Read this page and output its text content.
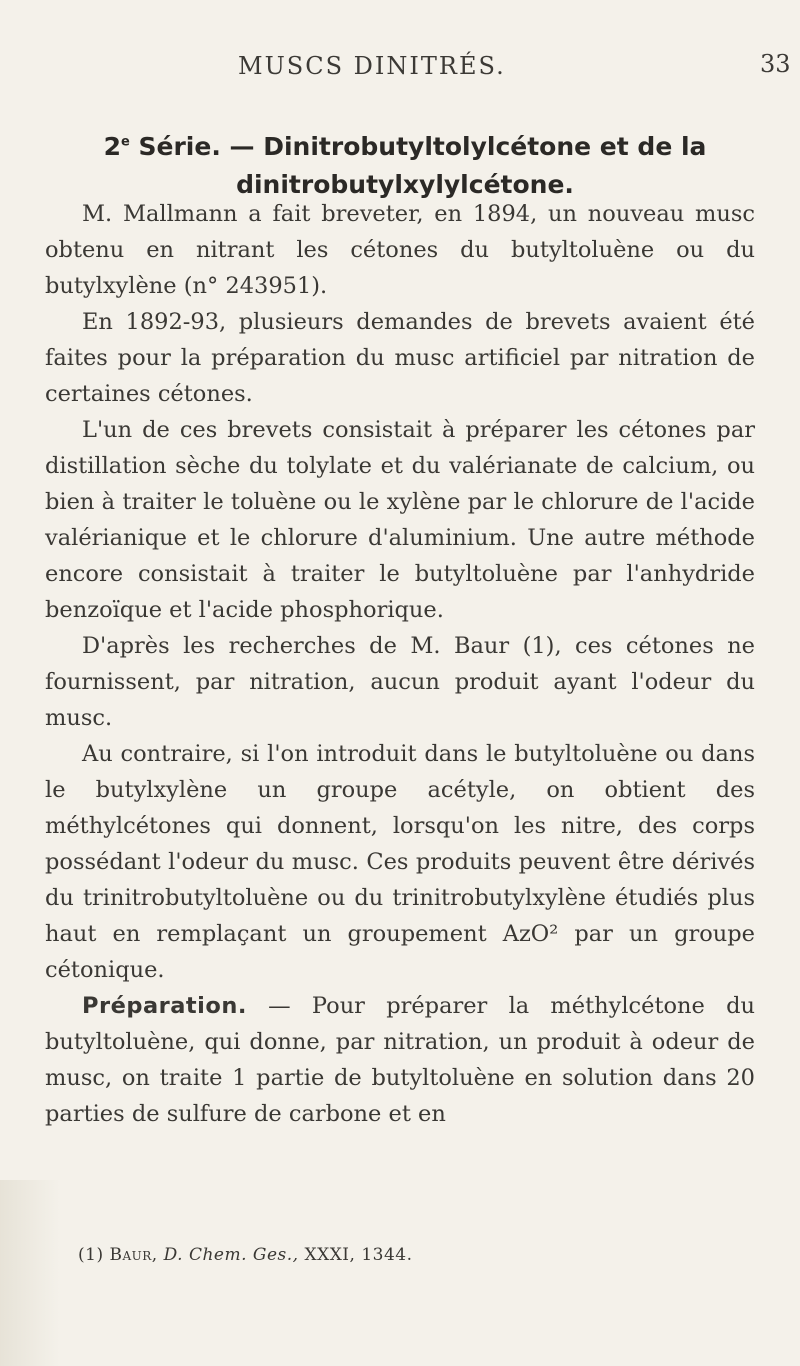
MUSCS DINITRÉS.	33
2e Série. — Dinitrobutyltolylcétone et de la
dinitrobutylxylylcétone.

M. Mallmann a fait breveter, en 1894, un nouveau musc obtenu en nitrant les cétones du butyltoluène ou du butylxylène (n° 243951).

En 1892-93, plusieurs demandes de brevets avaient été faites pour la préparation du musc artificiel par nitration de certaines cétones.

L'un de ces brevets consistait à préparer les cétones par distillation sèche du tolylate et du valérianate de calcium, ou bien à traiter le toluène ou le xylène par le chlorure de l'acide valérianique et le chlorure d'aluminium. Une autre méthode encore consistait à traiter le butyltoluène par l'anhydride benzoïque et l'acide phosphorique.

D'après les recherches de M. Baur (1), ces cétones ne fournissent, par nitration, aucun produit ayant l'odeur du musc.

Au contraire, si l'on introduit dans le butyltoluène ou dans le butylxylène un groupe acétyle, on obtient des méthylcétones qui donnent, lorsqu'on les nitre, des corps possédant l'odeur du musc. Ces produits peuvent être dérivés du trinitrobutyltoluène ou du trinitrobutylxylène étudiés plus haut en remplaçant un groupement AzO² par un groupe cétonique.

Préparation. — Pour préparer la méthylcétone du butyltoluène, qui donne, par nitration, un produit à odeur de musc, on traite 1 partie de butyltoluène en solution dans 20 parties de sulfure de carbone et en

(1) Baur, D. Chem. Ges., XXXI, 1344.
